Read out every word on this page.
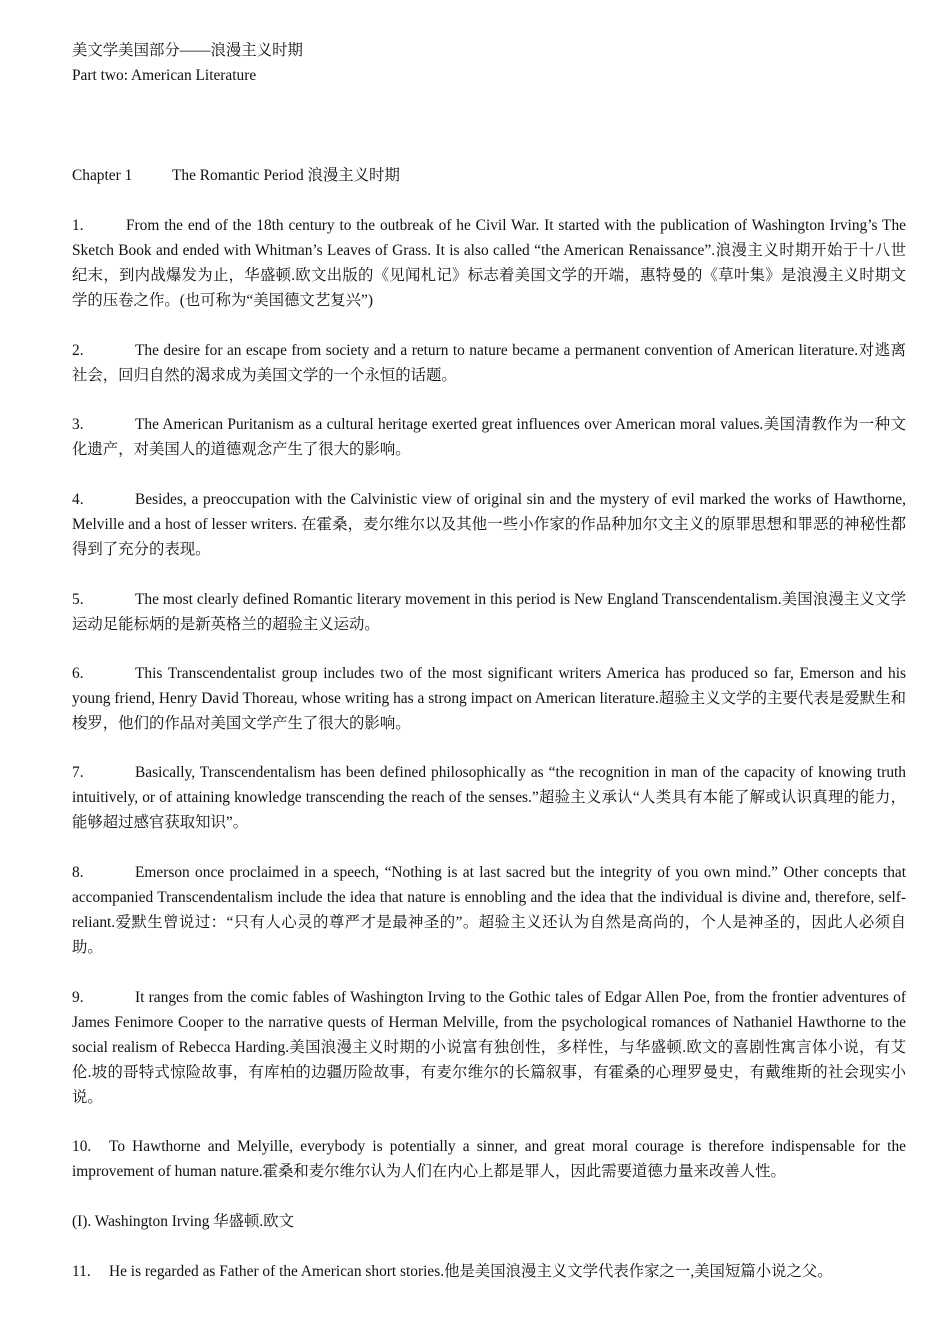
美文学美国部分——浪漫主义时期

Part two: American Literature

Chapter 1	The Romantic Period 浪漫主义时期

1.	From the end of the 18th century to the outbreak of he Civil War. It started with the publication of Washington Irving’s The Sketch Book and ended with Whitman’s Leaves of Grass. It is also called “the American Renaissance”.浪漫主义时期开始于十八世纪末，到内战爆发为止，华盛顿.欧文出版的《见闻札记》标志着美国文学的开端，惠特曼的《草叶集》是浪漫主义时期文学的压卷之作。(也可称为“美国德文艺复兴”)

2.	The desire for an escape from society and a return to nature became a permanent convention of American literature.对逃离社会，回归自然的渴求成为美国文学的一个永恒的话题。

3.	The American Puritanism as a cultural heritage exerted great influences over American moral values.美国清教作为一种文化遗产，对美国人的道德观念产生了很大的影响。

4.	Besides, a preoccupation with the Calvinistic view of original sin and the mystery of evil marked the works of Hawthorne, Melville and a host of lesser writers. 在霍桑，麦尔维尔以及其他一些小作家的作品种加尔文主义的原罪思想和罪恶的神秘性都得到了充分的表现。

5.	The most clearly defined Romantic literary movement in this period is New England Transcendentalism.美国浪漫主义文学运动足能标炳的是新英格兰的超验主义运动。

6.	This Transcendentalist group includes two of the most significant writers America has produced so far, Emerson and his young friend, Henry David Thoreau, whose writing has a strong impact on American literature.超验主义文学的主要代表是爱默生和梭罗，他们的作品对美国文学产生了很大的影响。

7.	Basically, Transcendentalism has been defined philosophically as “the recognition in man of the capacity of knowing truth intuitively, or of attaining knowledge transcending the reach of the senses.”超验主义承认“人类具有本能了解或认识真理的能力，能够超过感官获取知识”。

8.	Emerson once proclaimed in a speech, “Nothing is at last sacred but the integrity of you own mind.” Other concepts that accompanied Transcendentalism include the idea that nature is ennobling and the idea that the individual is divine and, therefore, self-reliant.爱默生曾说过：“只有人心灵的尊严才是最神圣的”。超验主义还认为自然是高尚的，个人是神圣的，因此人必须自助。

9.	It ranges from the comic fables of Washington Irving to the Gothic tales of Edgar Allen Poe, from the frontier adventures of James Fenimore Cooper to the narrative quests of Herman Melville, from the psychological romances of Nathaniel Hawthorne to the social realism of Rebecca Harding.美国浪漫主义时期的小说富有独创性，多样性，与华盛顿.欧文的喜剧性寓言体小说，有艾伦.坡的哥特式惊险故事，有库柏的边疆历险故事，有麦尔维尔的长篇叙事，有霍桑的心理罗曼史，有戴维斯的社会现实小说。

10. To Hawthorne and Melyille, everybody is potentially a sinner, and great moral courage is therefore indispensable for the improvement of human nature.霍桑和麦尔维尔认为人们在内心上都是罪人，因此需要道德力量来改善人性。

(I). Washington Irving 华盛顿.欧文

11. He is regarded as Father of the American short stories.他是美国浪漫主义文学代表作家之一,美国短篇小说之父。
